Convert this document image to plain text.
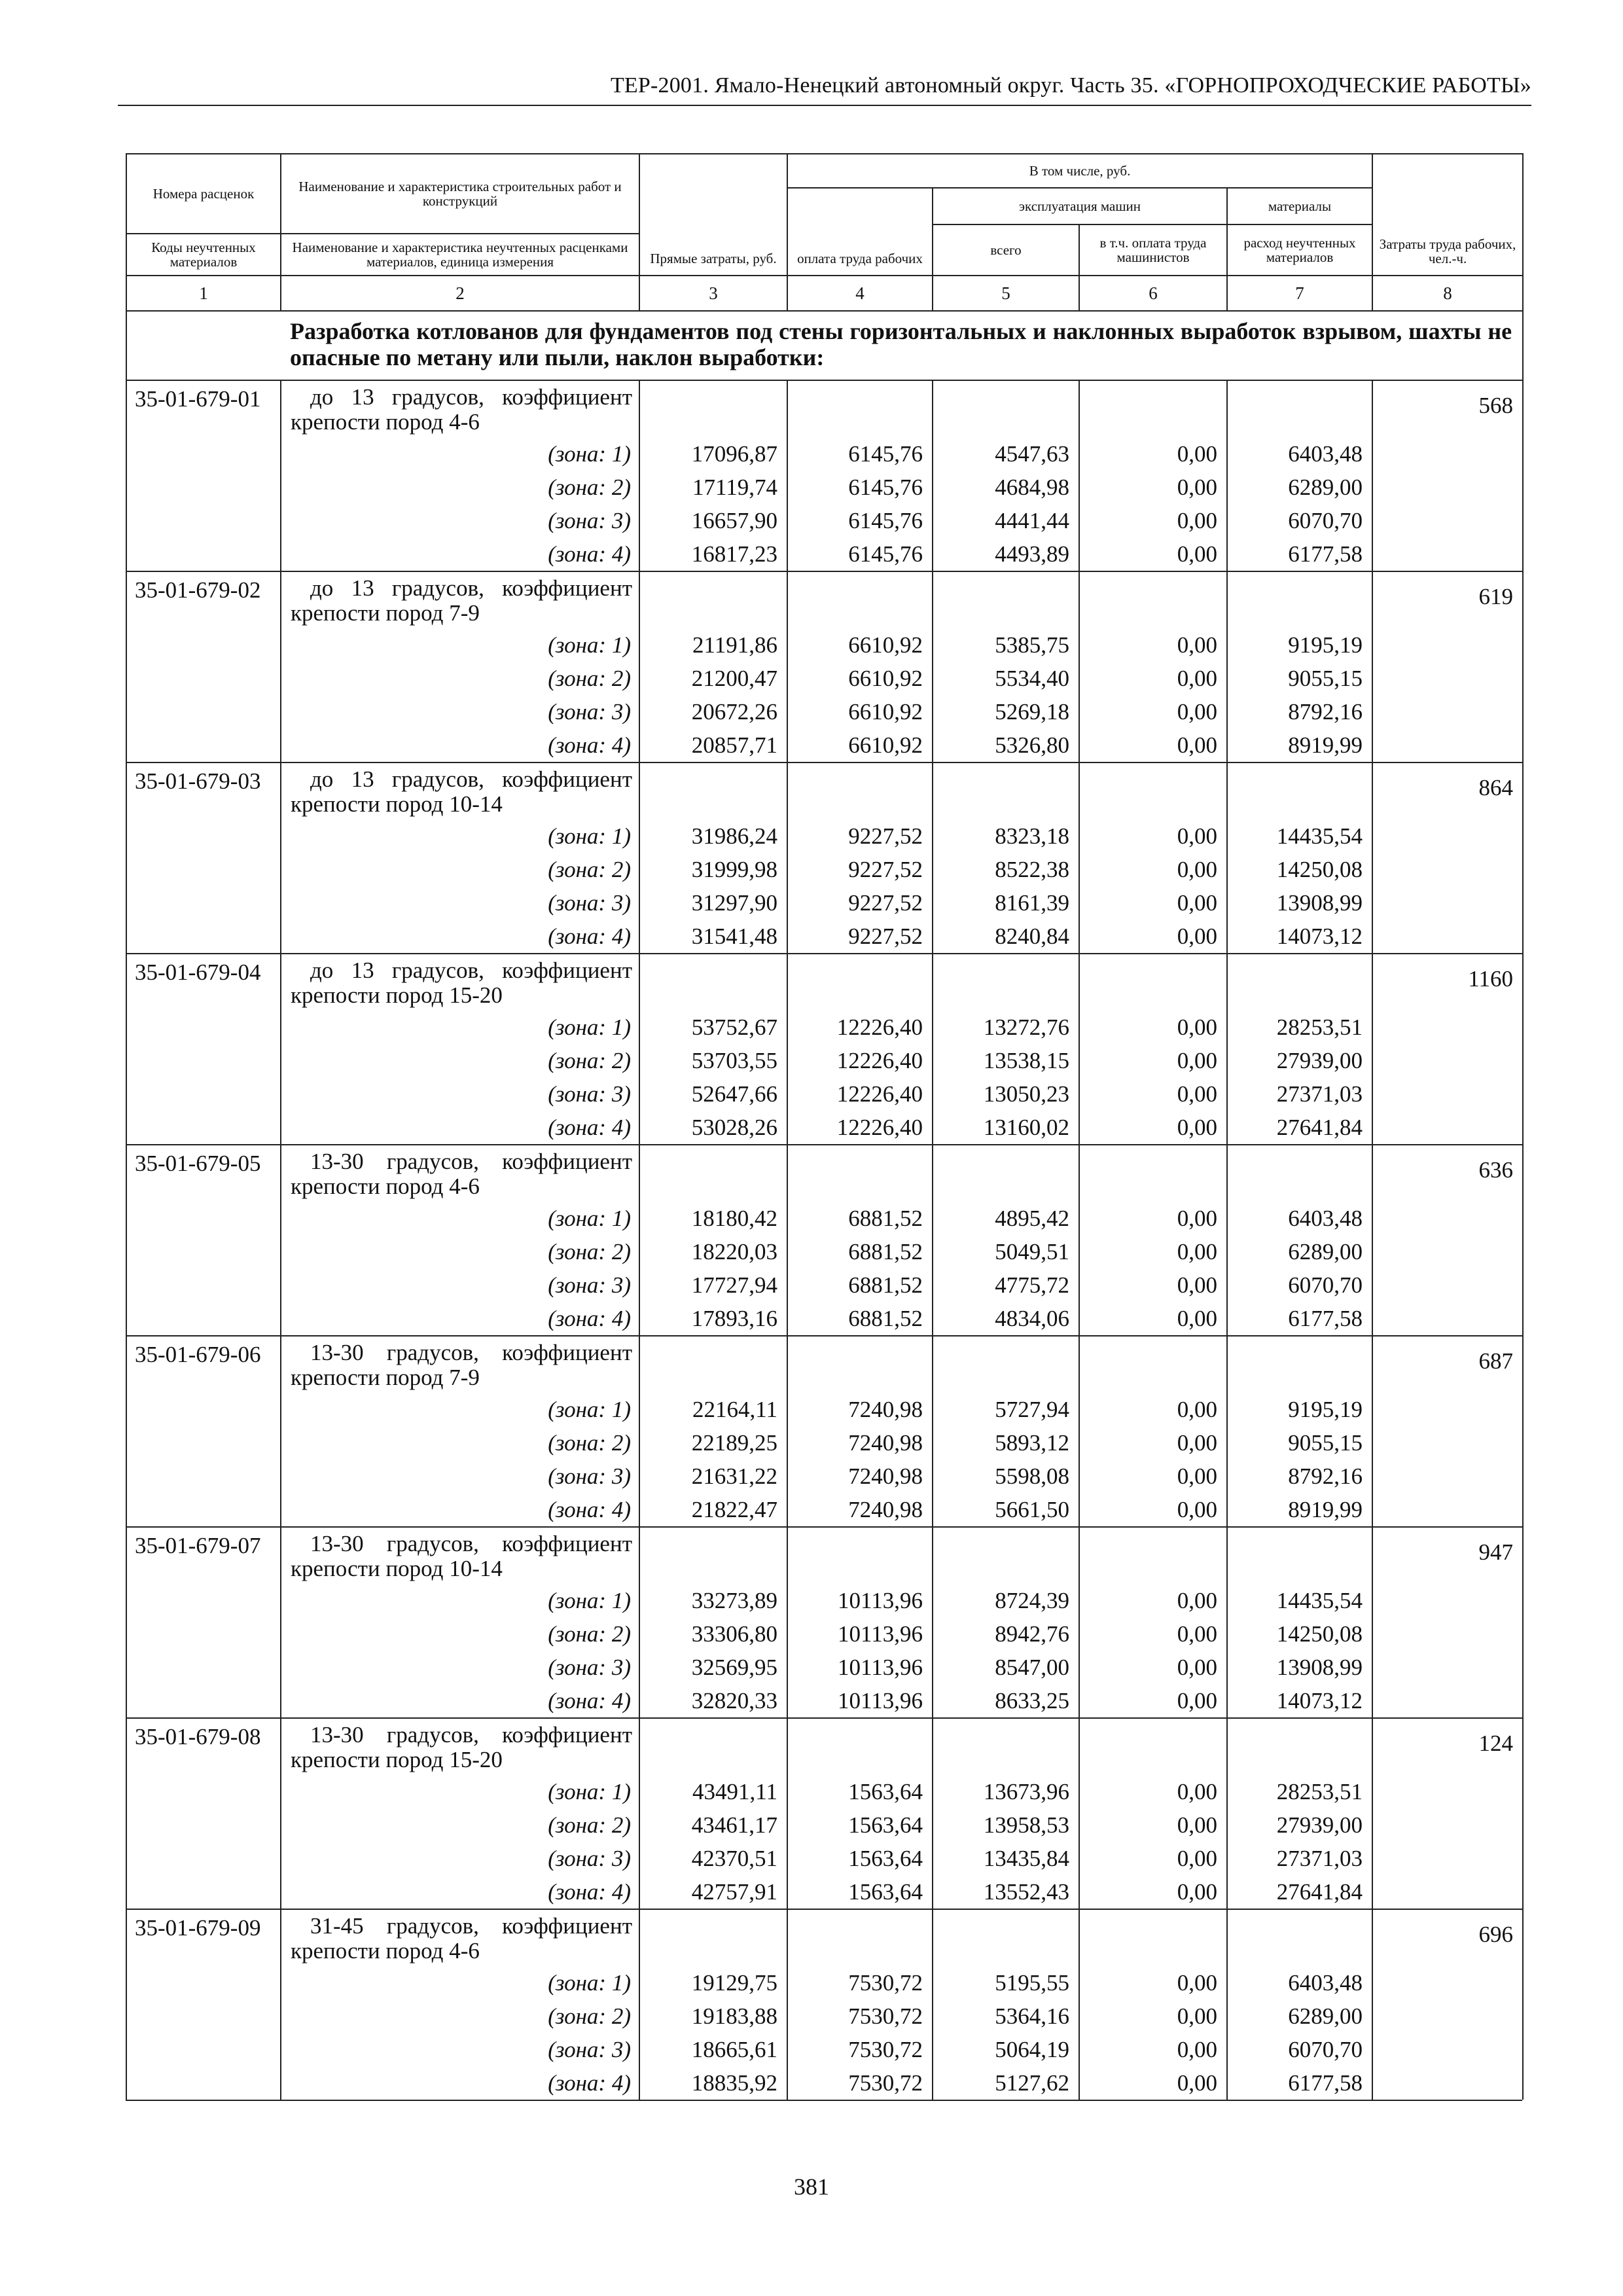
ТЕР-2001. Ямало-Ненецкий автономный округ. Часть 35. «ГОРНОПРОХОДЧЕСКИЕ РАБОТЫ»
Номера расценок	Наименование и характеристика строительных работ и конструкций	Прямые затраты, руб.	В том числе, руб.				Затраты труда рабочих, чел.-ч.
			оплата труда рабочих	эксплуатация машин		материалы	
				всего	в т.ч. оплата труда машинистов	расход неучтенных материалов	
Коды неучтенных материалов	Наименование и характеристика неучтенных расценками материалов, единица измерения						

1	2	3	4	5	6	7	8

	Разработка котлованов для фундаментов под стены горизонтальных и наклонных выработок взрывом, шахты не опасные по метану или пыли, наклон выработки:						

35-01-679-01	до 13 градусов, коэффициент
крепости пород 4-6						568
	(зона: 1)	17096,87	6145,76	4547,63	0,00	6403,48	
	(зона: 2)	17119,74	6145,76	4684,98	0,00	6289,00	
	(зона: 3)	16657,90	6145,76	4441,44	0,00	6070,70	
	(зона: 4)	16817,23	6145,76	4493,89	0,00	6177,58	
35-01-679-02	до 13 градусов, коэффициент
крепости пород 7-9						619
	(зона: 1)	21191,86	6610,92	5385,75	0,00	9195,19	
	(зона: 2)	21200,47	6610,92	5534,40	0,00	9055,15	
	(зона: 3)	20672,26	6610,92	5269,18	0,00	8792,16	
	(зона: 4)	20857,71	6610,92	5326,80	0,00	8919,99	
35-01-679-03	до 13 градусов, коэффициент
крепости пород 10-14						864
	(зона: 1)	31986,24	9227,52	8323,18	0,00	14435,54	
	(зона: 2)	31999,98	9227,52	8522,38	0,00	14250,08	
	(зона: 3)	31297,90	9227,52	8161,39	0,00	13908,99	
	(зона: 4)	31541,48	9227,52	8240,84	0,00	14073,12	
35-01-679-04	до 13 градусов, коэффициент
крепости пород 15-20						1160
	(зона: 1)	53752,67	12226,40	13272,76	0,00	28253,51	
	(зона: 2)	53703,55	12226,40	13538,15	0,00	27939,00	
	(зона: 3)	52647,66	12226,40	13050,23	0,00	27371,03	
	(зона: 4)	53028,26	12226,40	13160,02	0,00	27641,84	
35-01-679-05	13-30 градусов, коэффициент
крепости пород 4-6						636
	(зона: 1)	18180,42	6881,52	4895,42	0,00	6403,48	
	(зона: 2)	18220,03	6881,52	5049,51	0,00	6289,00	
	(зона: 3)	17727,94	6881,52	4775,72	0,00	6070,70	
	(зона: 4)	17893,16	6881,52	4834,06	0,00	6177,58	
35-01-679-06	13-30 градусов, коэффициент
крепости пород 7-9						687
	(зона: 1)	22164,11	7240,98	5727,94	0,00	9195,19	
	(зона: 2)	22189,25	7240,98	5893,12	0,00	9055,15	
	(зона: 3)	21631,22	7240,98	5598,08	0,00	8792,16	
	(зона: 4)	21822,47	7240,98	5661,50	0,00	8919,99	
35-01-679-07	13-30 градусов, коэффициент
крепости пород 10-14						947
	(зона: 1)	33273,89	10113,96	8724,39	0,00	14435,54	
	(зона: 2)	33306,80	10113,96	8942,76	0,00	14250,08	
	(зона: 3)	32569,95	10113,96	8547,00	0,00	13908,99	
	(зона: 4)	32820,33	10113,96	8633,25	0,00	14073,12	
35-01-679-08	13-30 градусов, коэффициент
крепости пород 15-20						124
	(зона: 1)	43491,11	1563,64	13673,96	0,00	28253,51	
	(зона: 2)	43461,17	1563,64	13958,53	0,00	27939,00	
	(зона: 3)	42370,51	1563,64	13435,84	0,00	27371,03	
	(зона: 4)	42757,91	1563,64	13552,43	0,00	27641,84	
35-01-679-09	31-45 градусов, коэффициент
крепости пород 4-6						696
	(зона: 1)	19129,75	7530,72	5195,55	0,00	6403,48	
	(зона: 2)	19183,88	7530,72	5364,16	0,00	6289,00	
	(зона: 3)	18665,61	7530,72	5064,19	0,00	6070,70	
	(зона: 4)	18835,92	7530,72	5127,62	0,00	6177,58	
381
